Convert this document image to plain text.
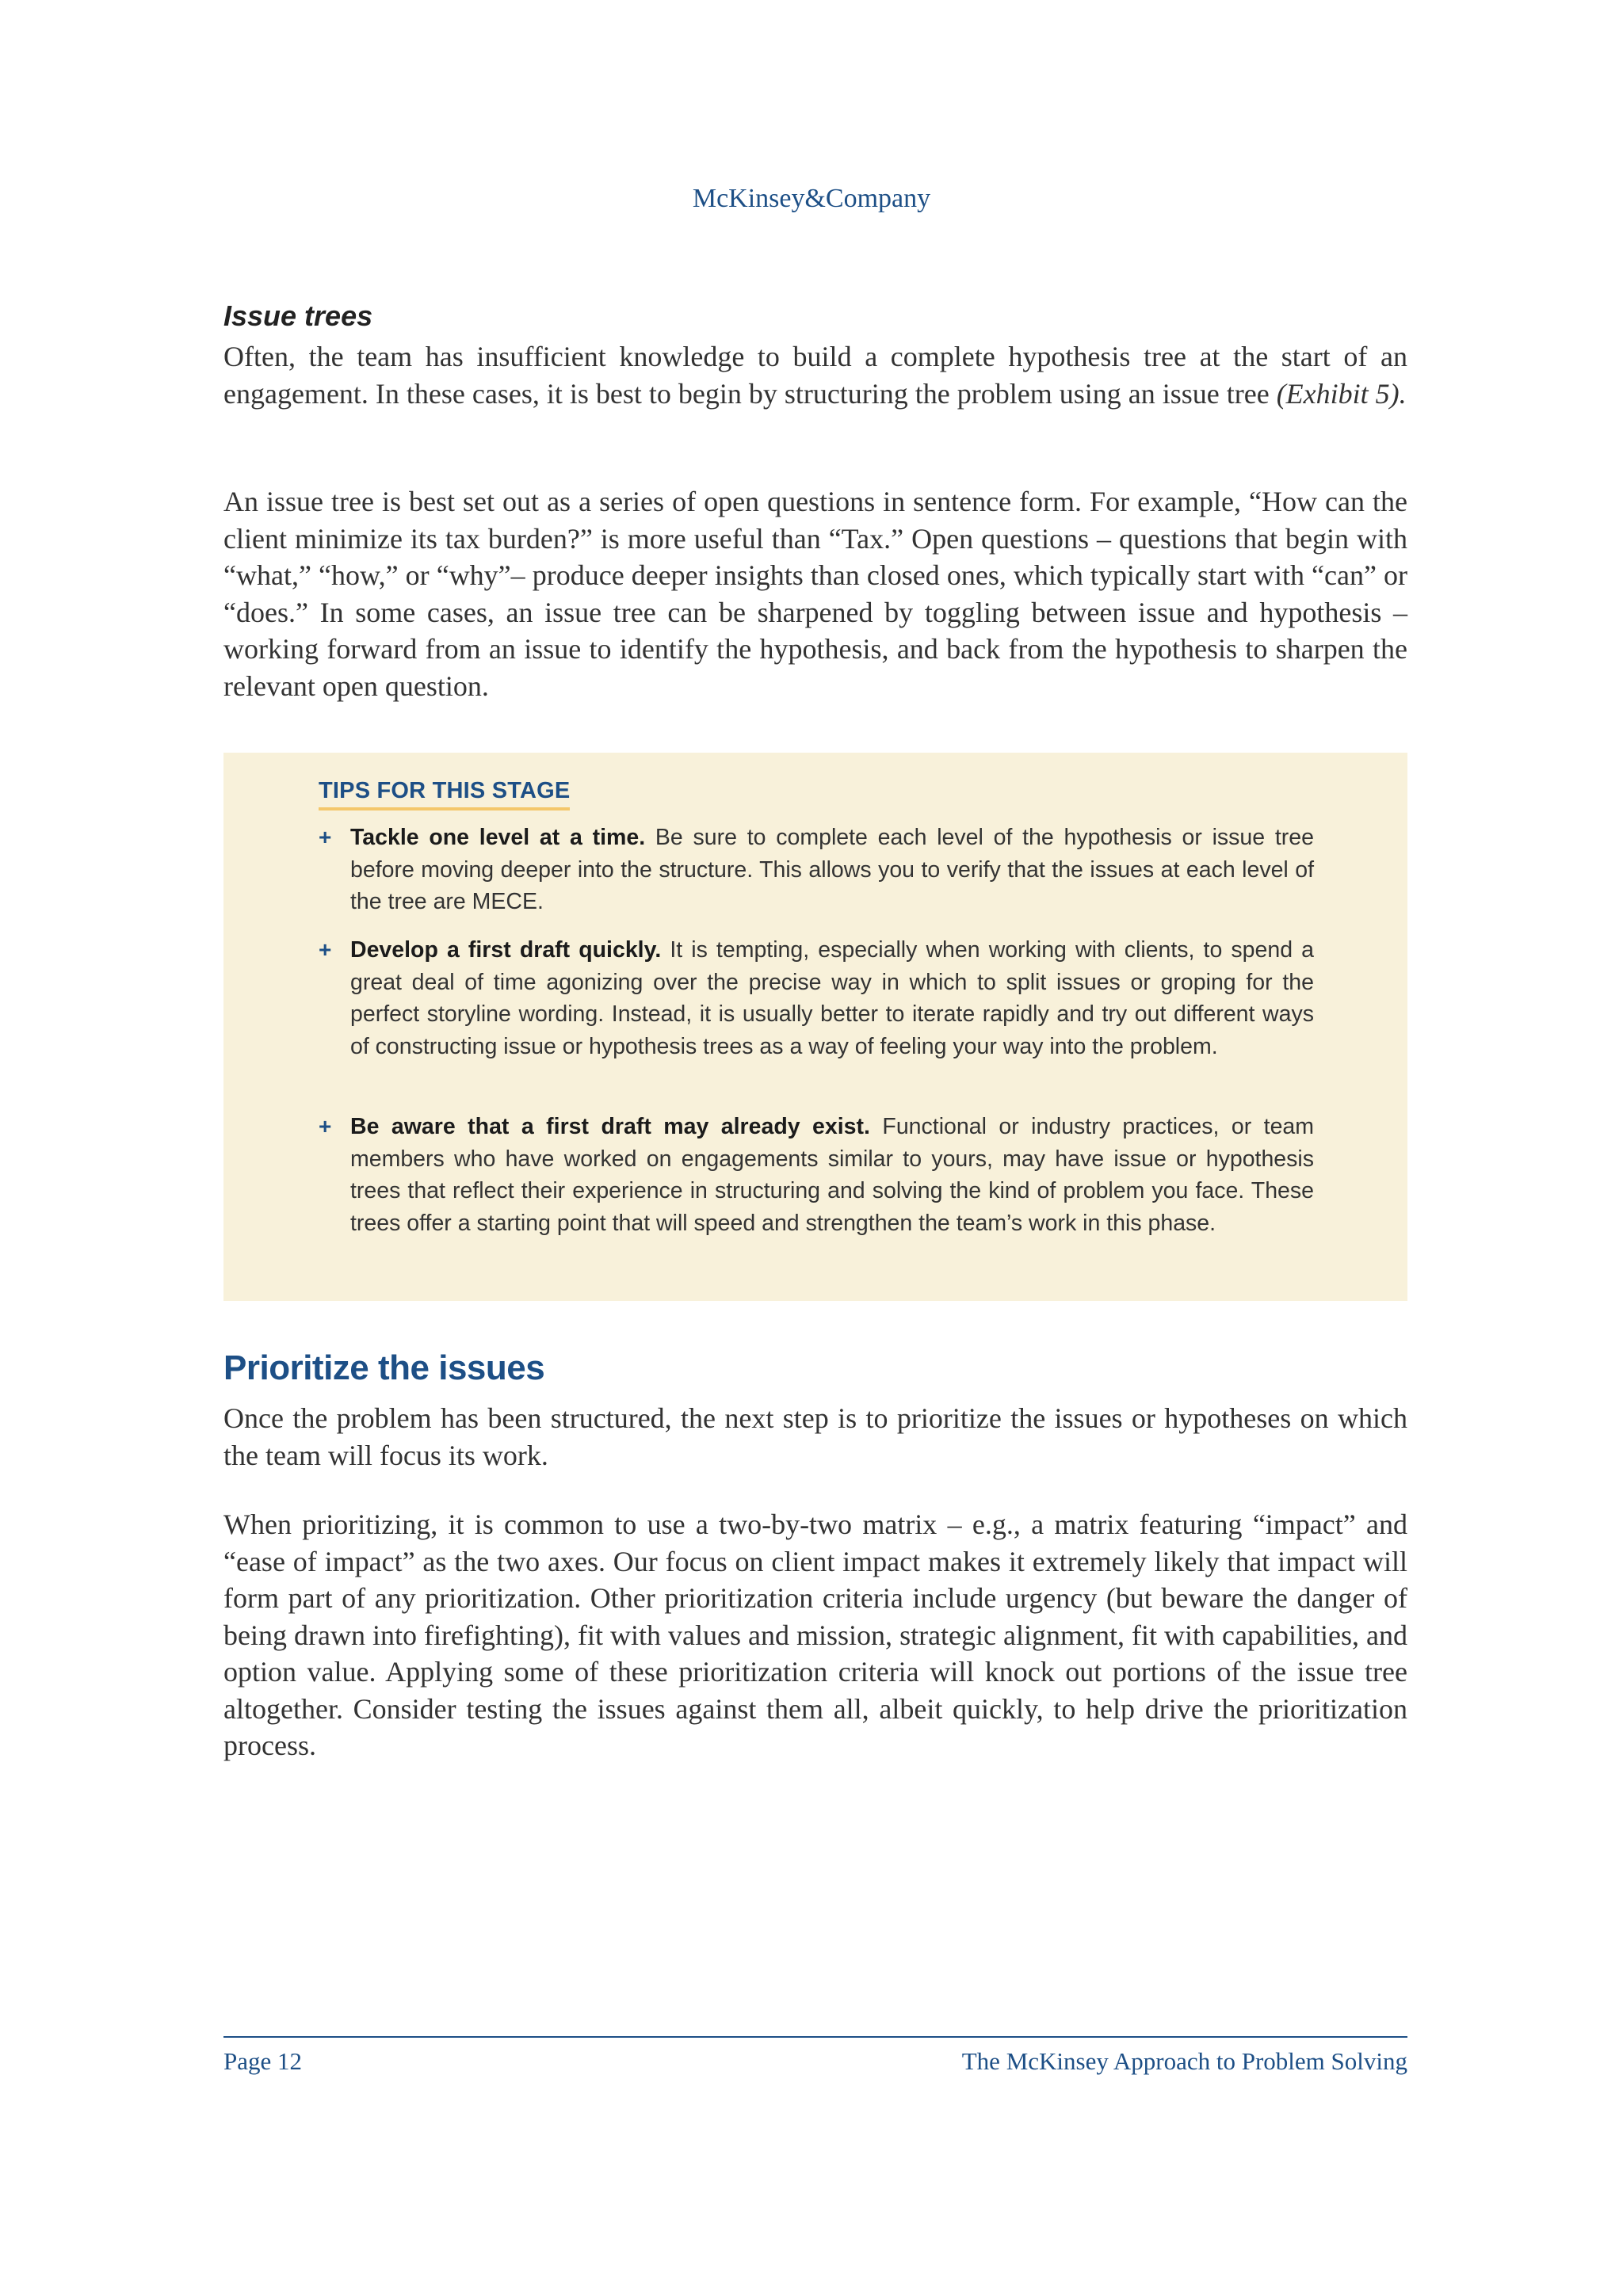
McKinsey&Company
Issue trees

Often, the team has insufficient knowledge to build a complete hypothesis tree at the start of an engagement. In these cases, it is best to begin by structuring the problem using an issue tree (Exhibit 5).

An issue tree is best set out as a series of open questions in sentence form. For example, “How can the client minimize its tax burden?” is more useful than “Tax.” Open questions – questions that begin with “what,” “how,” or “why”– produce deeper insights than closed ones, which typically start with “can” or “does.” In some cases, an issue tree can be sharpened by toggling between issue and hypothesis – working forward from an issue to identify the hypothesis, and back from the hypothesis to sharpen the relevant open question.

TIPS FOR THIS STAGE
+ Tackle one level at a time. Be sure to complete each level of the hypothesis or issue tree before moving deeper into the structure. This allows you to verify that the issues at each level of the tree are MECE.
+ Develop a first draft quickly. It is tempting, especially when working with clients, to spend a great deal of time agonizing over the precise way in which to split issues or groping for the perfect storyline wording. Instead, it is usually better to iterate rapidly and try out different ways of constructing issue or hypothesis trees as a way of feeling your way into the problem.
+ Be aware that a first draft may already exist. Functional or industry practices, or team members who have worked on engagements similar to yours, may have issue or hypothesis trees that reflect their experience in structuring and solving the kind of problem you face. These trees offer a starting point that will speed and strengthen the team’s work in this phase.
Prioritize the issues

Once the problem has been structured, the next step is to prioritize the issues or hypotheses on which the team will focus its work.

When prioritizing, it is common to use a two-by-two matrix – e.g., a matrix featuring “impact” and “ease of impact” as the two axes. Our focus on client impact makes it extremely likely that impact will form part of any prioritization. Other prioritization criteria include urgency (but beware the danger of being drawn into firefighting), fit with values and mission, strategic alignment, fit with capabilities, and option value. Applying some of these prioritization criteria will knock out portions of the issue tree altogether. Consider testing the issues against them all, albeit quickly, to help drive the prioritization process.

Page 12	The McKinsey Approach to Problem Solving
